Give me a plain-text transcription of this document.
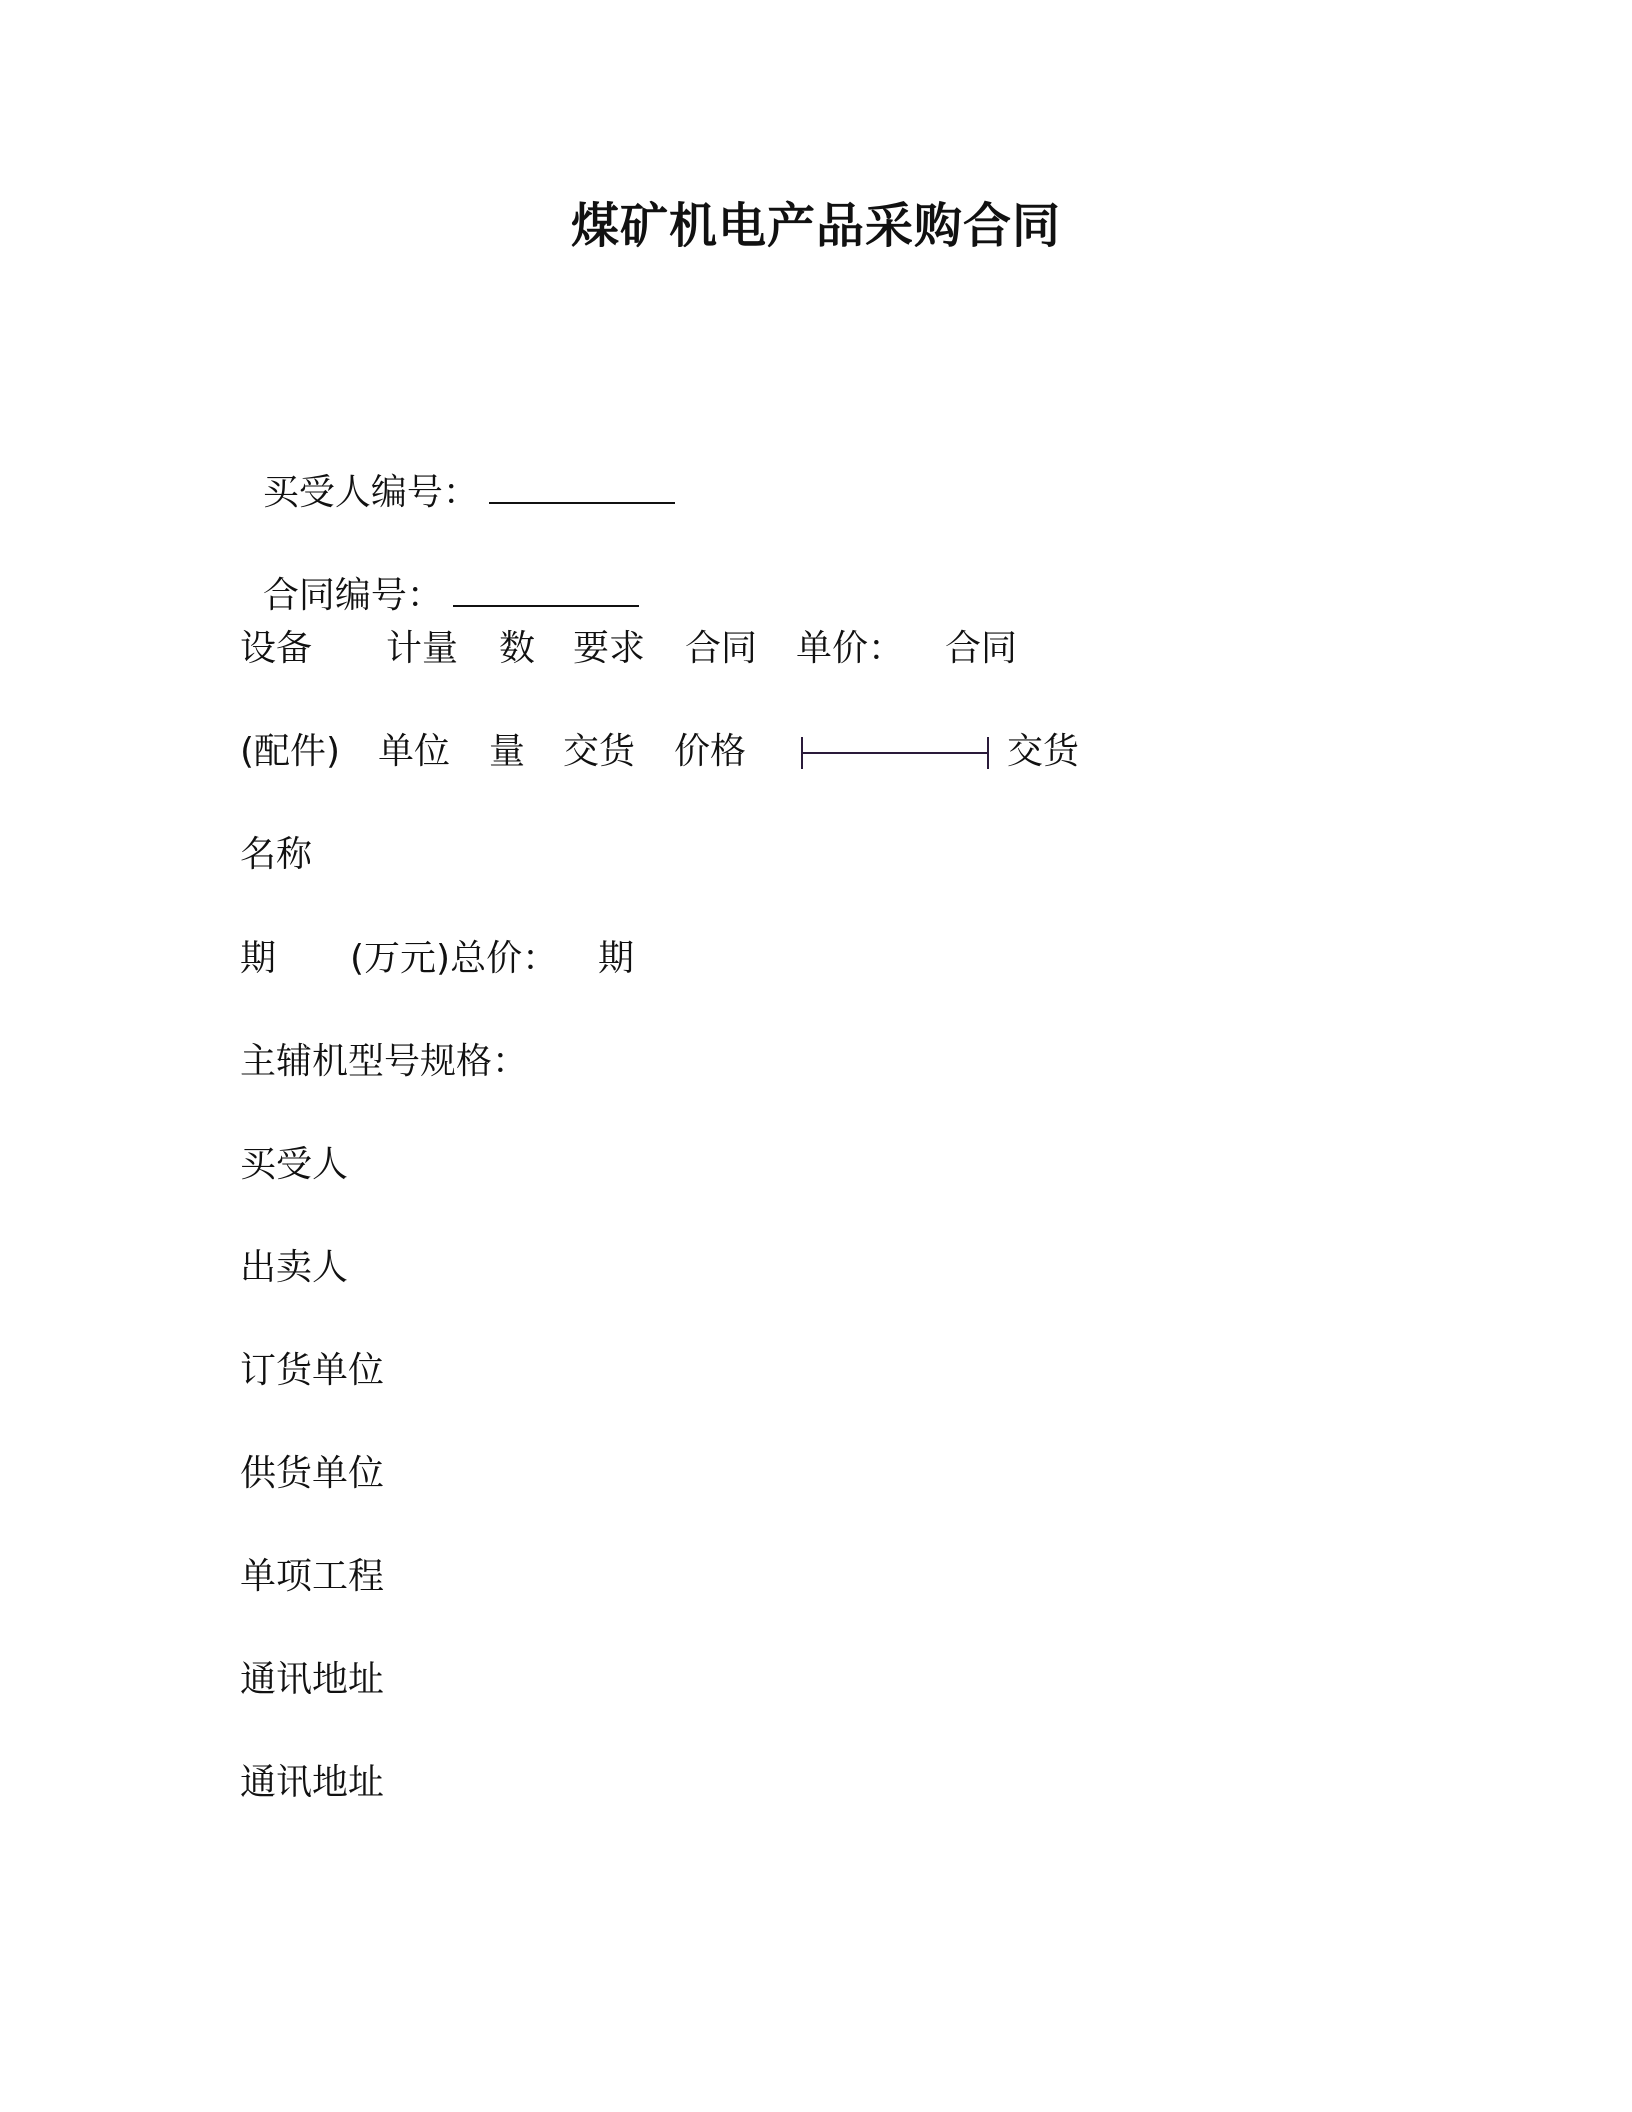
煤矿机电产品采购合同

买受人编号：

合同编号：

设备 计量 数 要求 合同 单价： 合同
(配件) 单位 量 交货 价格	交货
名称
期 (万元)总价： 期
主辅机型号规格：
买受人
出卖人
订货单位
供货单位
单项工程
通讯地址
通讯地址
